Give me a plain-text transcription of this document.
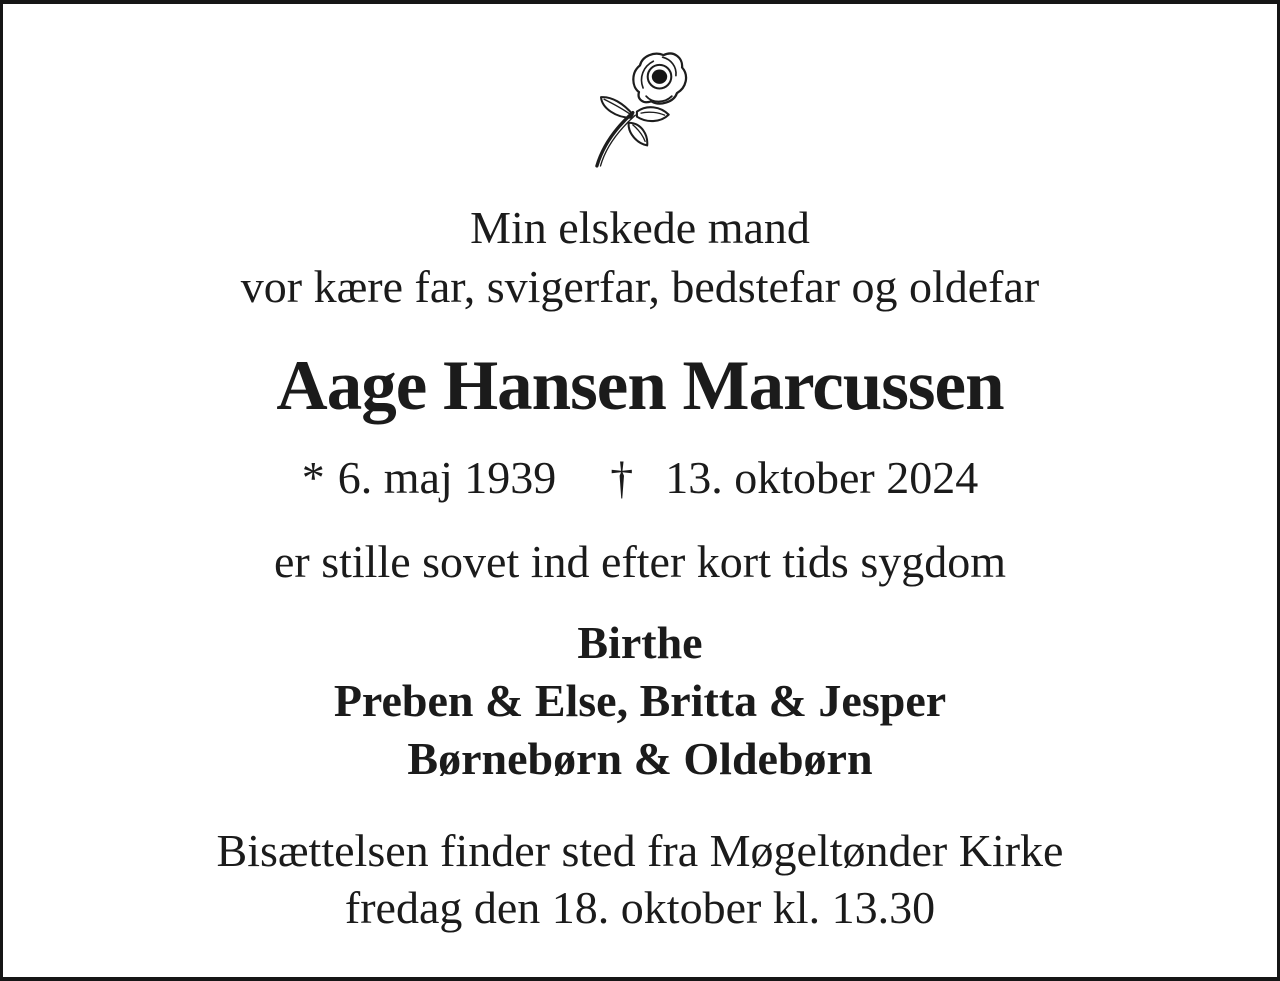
Min elskede mand
vor kære far, svigerfar, bedstefar og oldefar
Aage Hansen Marcussen
* 6. maj 1939 † 13. oktober 2024
er stille sovet ind efter kort tids sygdom
Birthe
Preben & Else, Britta & Jesper
Børnebørn & Oldebørn
Bisættelsen finder sted fra Møgeltønder Kirke
fredag den 18. oktober kl. 13.30
